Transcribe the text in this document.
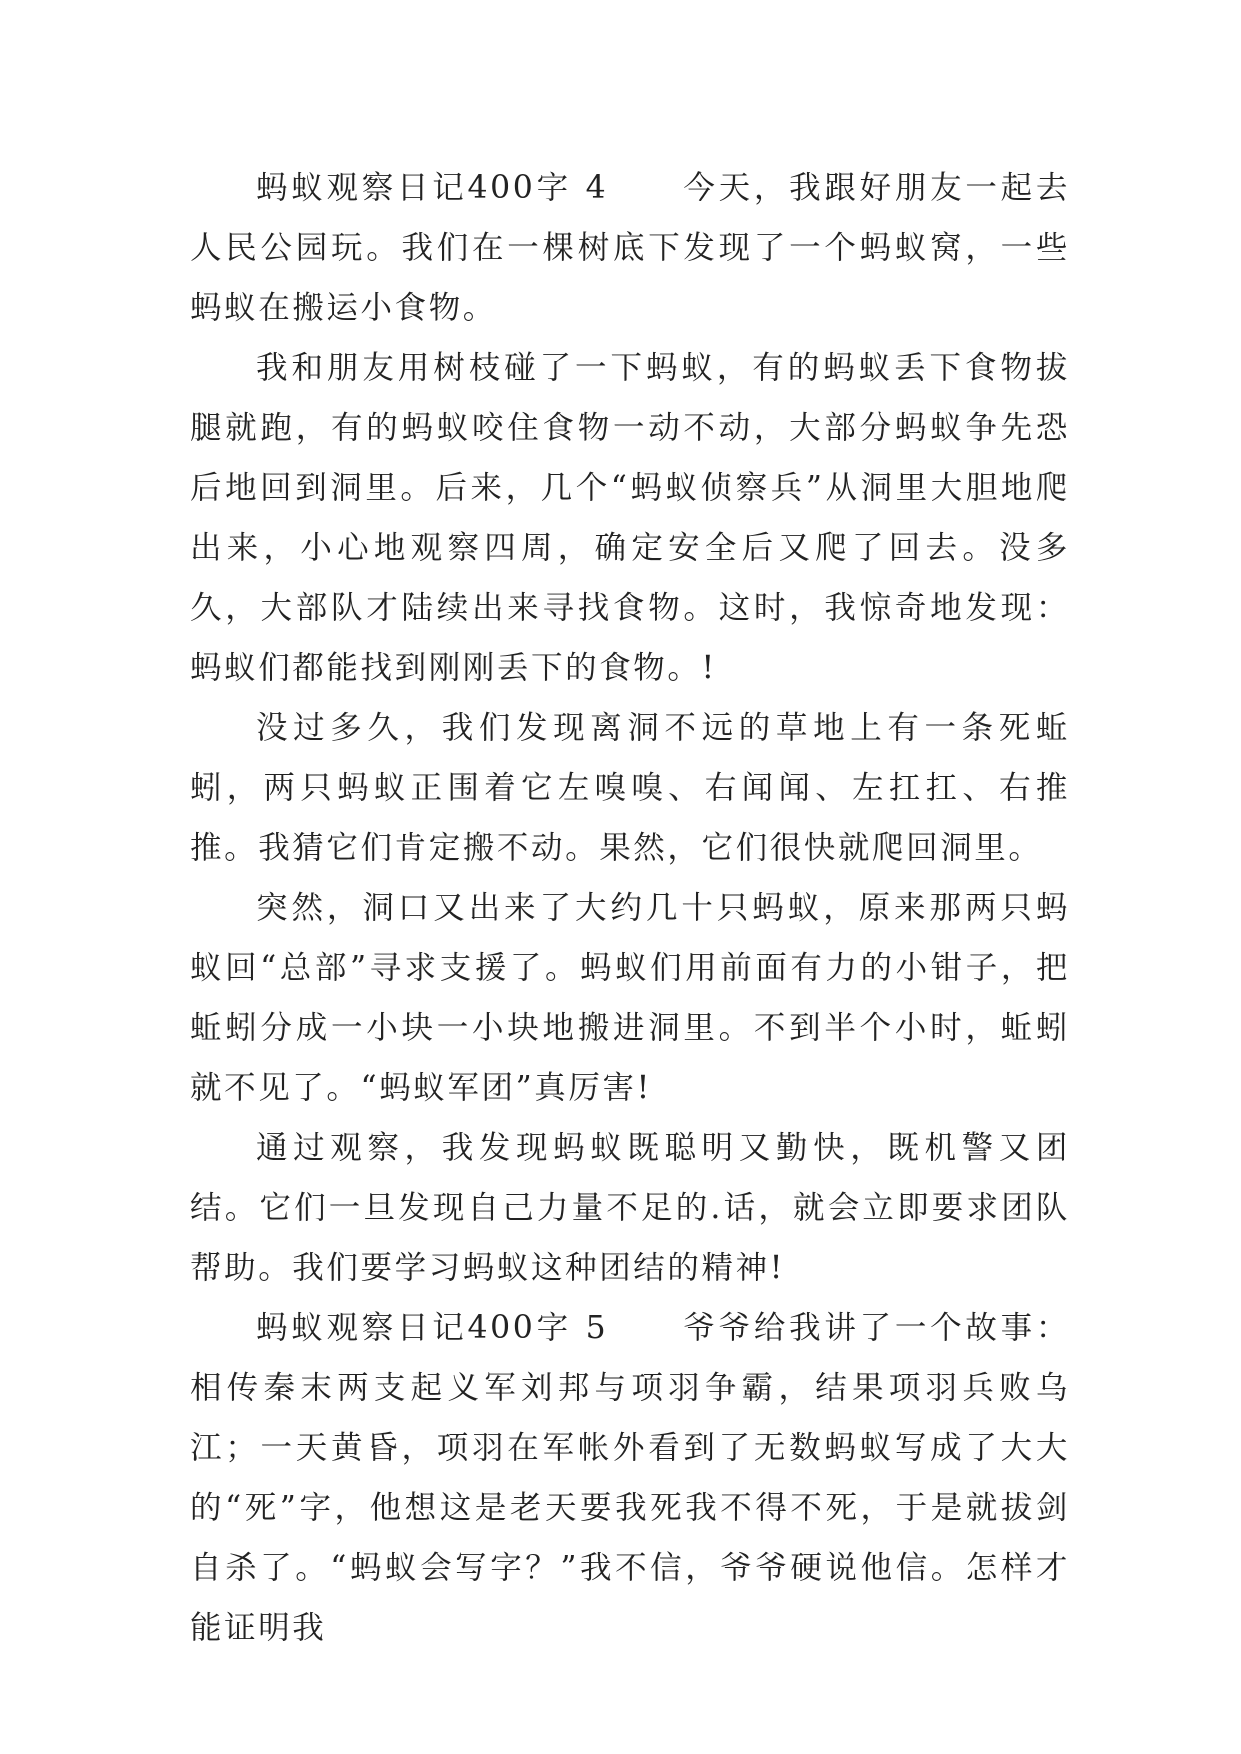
蚂蚁观察日记400字 4 今天，我跟好朋友一起去人民公园玩。我们在一棵树底下发现了一个蚂蚁窝，一些蚂蚁在搬运小食物。

我和朋友用树枝碰了一下蚂蚁，有的蚂蚁丢下食物拔腿就跑，有的蚂蚁咬住食物一动不动，大部分蚂蚁争先恐后地回到洞里。后来，几个“蚂蚁侦察兵”从洞里大胆地爬出来，小心地观察四周，确定安全后又爬了回去。没多久，大部队才陆续出来寻找食物。这时，我惊奇地发现：蚂蚁们都能找到刚刚丢下的食物。!

没过多久，我们发现离洞不远的草地上有一条死蚯蚓，两只蚂蚁正围着它左嗅嗅、右闻闻、左扛扛、右推推。我猜它们肯定搬不动。果然，它们很快就爬回洞里。

突然，洞口又出来了大约几十只蚂蚁，原来那两只蚂蚁回“总部”寻求支援了。蚂蚁们用前面有力的小钳子，把蚯蚓分成一小块一小块地搬进洞里。不到半个小时，蚯蚓就不见了。“蚂蚁军团”真厉害!

通过观察，我发现蚂蚁既聪明又勤快，既机警又团结。它们一旦发现自己力量不足的.话，就会立即要求团队帮助。我们要学习蚂蚁这种团结的精神!

蚂蚁观察日记400字 5 爷爷给我讲了一个故事：相传秦末两支起义军刘邦与项羽争霸，结果项羽兵败乌江；一天黄昏，项羽在军帐外看到了无数蚂蚁写成了大大的“死”字，他想这是老天要我死我不得不死，于是就拔剑自杀了。“蚂蚁会写字？”我不信，爷爷硬说他信。怎样才能证明我
